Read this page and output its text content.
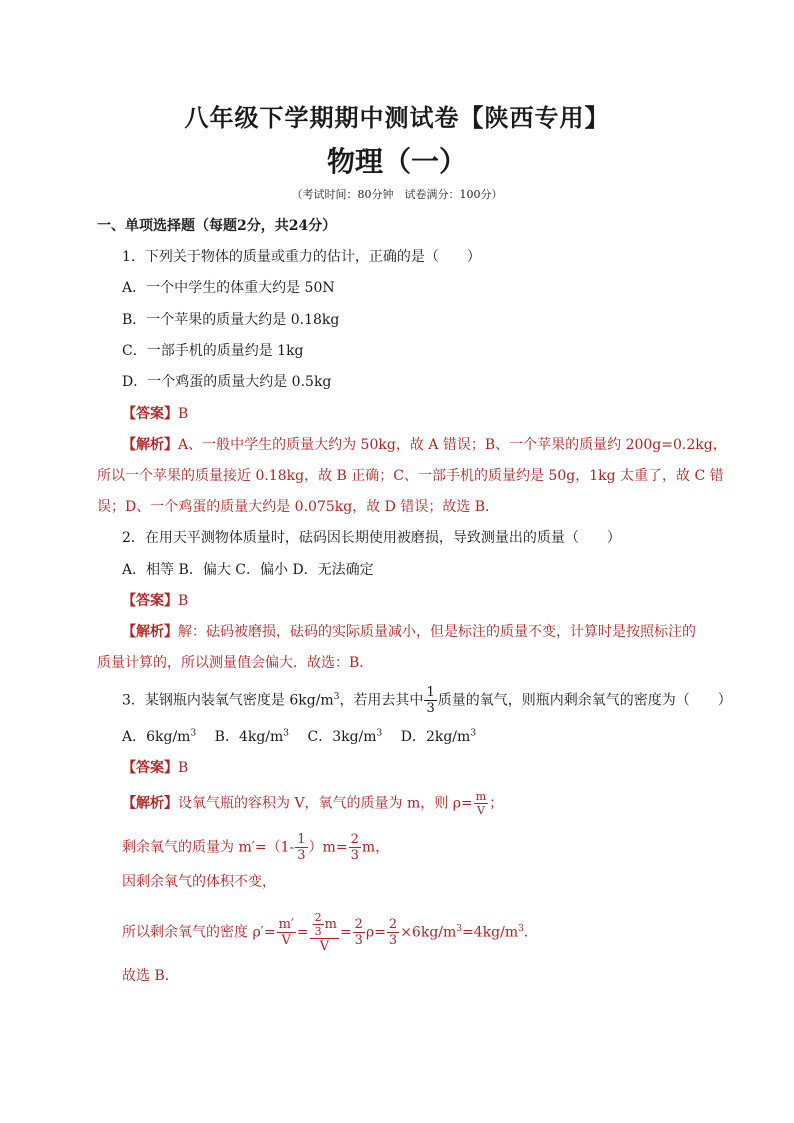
八年级下学期期中测试卷【陕西专用】
物理（一）
（考试时间：80分钟　试卷满分：100分）
一、单项选择题（每题2分，共24分）
1．下列关于物体的质量或重力的估计，正确的是（　　）
A．一个中学生的体重大约是 50N
B．一个苹果的质量大约是 0.18kg
C．一部手机的质量约是 1kg
D．一个鸡蛋的质量大约是 0.5kg
【答案】B
【解析】A、一般中学生的质量大约为 50kg，故 A 错误；B、一个苹果的质量约 200g=0.2kg，
所以一个苹果的质量接近 0.18kg，故 B 正确；C、一部手机的质量约是 50g，1kg 太重了，故 C 错
误；D、一个鸡蛋的质量大约是 0.075kg，故 D 错误；故选 B．
2．在用天平测物体质量时，砝码因长期使用被磨损，导致测量出的质量（　　）
A．相等 B．偏大 C．偏小 D．无法确定
【答案】B
【解析】解：砝码被磨损，砝码的实际质量减小，但是标注的质量不变，计算时是按照标注的
质量计算的，所以测量值会偏大．故选：B．
3．某钢瓶内装氧气密度是 $6kg/m^3$，若用去其中 $\frac{1}{3}$ 质量的氧气，则瓶内剩余氧气的密度为（　　）
A．$6kg/m^3$　 B．$4kg/m^3$　 C．$3kg/m^3$　 D．$2kg/m^3$
【答案】B
【解析】设氧气瓶的容积为 V，氧气的质量为 m，则 $\rho= \frac{m}{V}$ ；
剩余氧气的质量为 $m'=(1- \frac{1}{3} )m= \frac{2}{3}$ m，
因剩余氧气的体积不变，
所以剩余氧气的密度 $\rho'= \frac{m'}{V} = \frac{\frac{2}{3} m}{V} = \frac{2}{3} \rho= \frac{2}{3} \times 6kg/m^3=4kg/m^3$．
故选 B．
